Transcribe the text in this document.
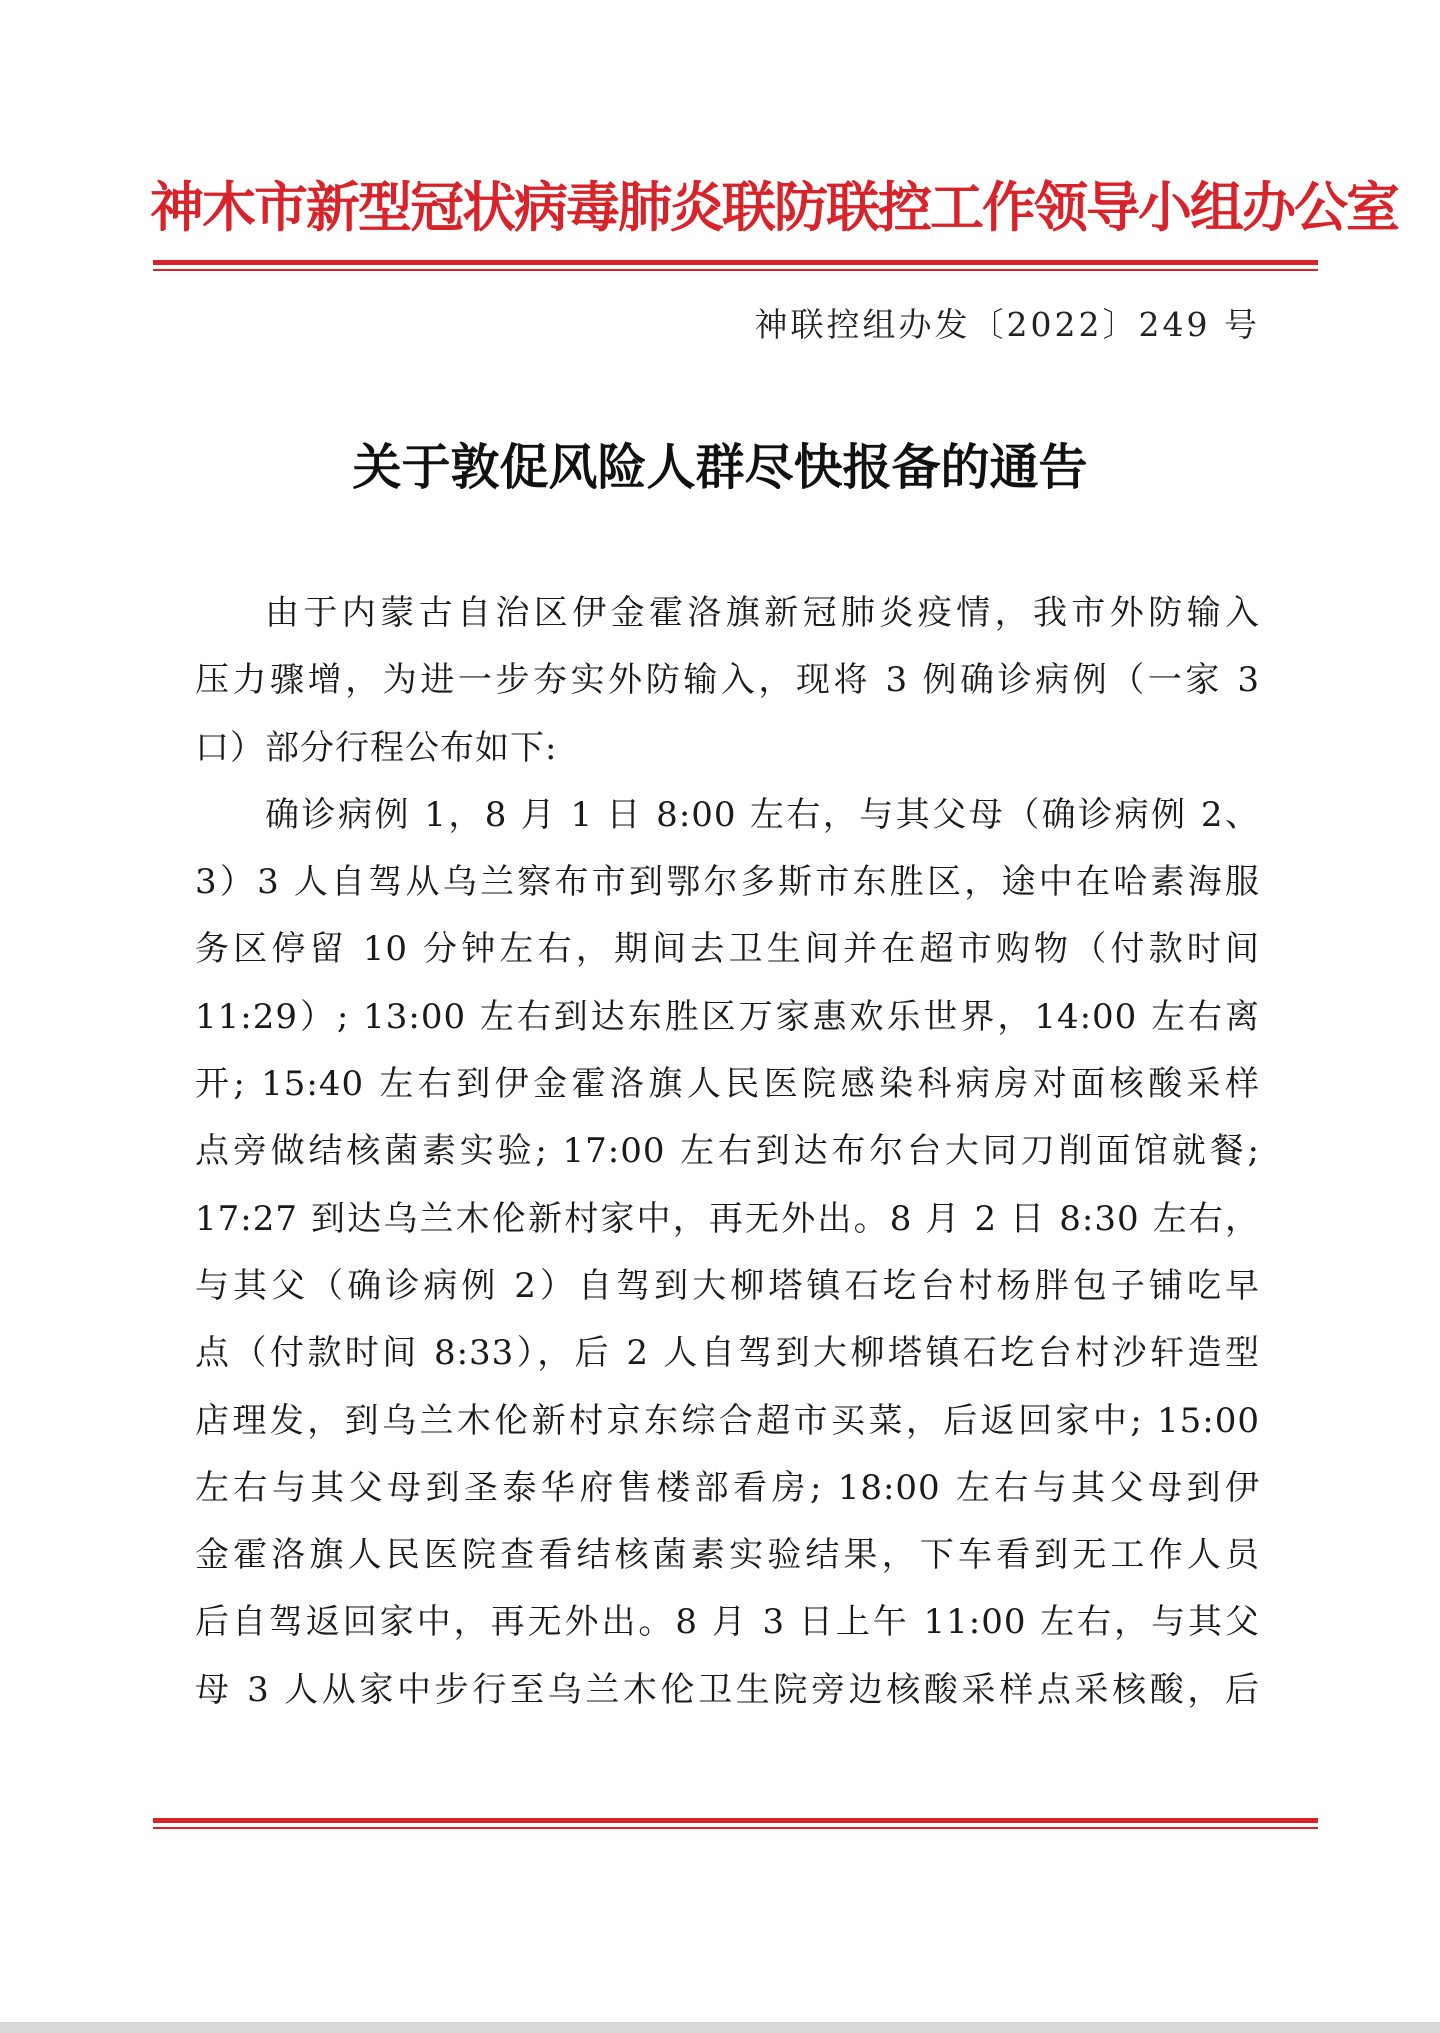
神木市新型冠状病毒肺炎联防联控工作领导小组办公室
神联控组办发〔2022〕249 号
关于敦促风险人群尽快报备的通告
由于内蒙古自治区伊金霍洛旗新冠肺炎疫情，我市外防输入
压力骤增，为进一步夯实外防输入，现将 3 例确诊病例（一家 3
口）部分行程公布如下:
确诊病例 1，8 月 1 日 8:00 左右，与其父母（确诊病例 2、
3）3 人自驾从乌兰察布市到鄂尔多斯市东胜区，途中在哈素海服
务区停留 10 分钟左右，期间去卫生间并在超市购物（付款时间
11:29）; 13:00 左右到达东胜区万家惠欢乐世界，14:00 左右离
开; 15:40 左右到伊金霍洛旗人民医院感染科病房对面核酸采样
点旁做结核菌素实验; 17:00 左右到达布尔台大同刀削面馆就餐;
17:27 到达乌兰木伦新村家中，再无外出。8 月 2 日 8:30 左右，
与其父（确诊病例 2）自驾到大柳塔镇石圪台村杨胖包子铺吃早
点（付款时间 8:33），后 2 人自驾到大柳塔镇石圪台村沙轩造型
店理发，到乌兰木伦新村京东综合超市买菜，后返回家中; 15:00
左右与其父母到圣泰华府售楼部看房; 18:00 左右与其父母到伊
金霍洛旗人民医院查看结核菌素实验结果，下车看到无工作人员
后自驾返回家中，再无外出。8 月 3 日上午 11:00 左右，与其父
母 3 人从家中步行至乌兰木伦卫生院旁边核酸采样点采核酸，后
